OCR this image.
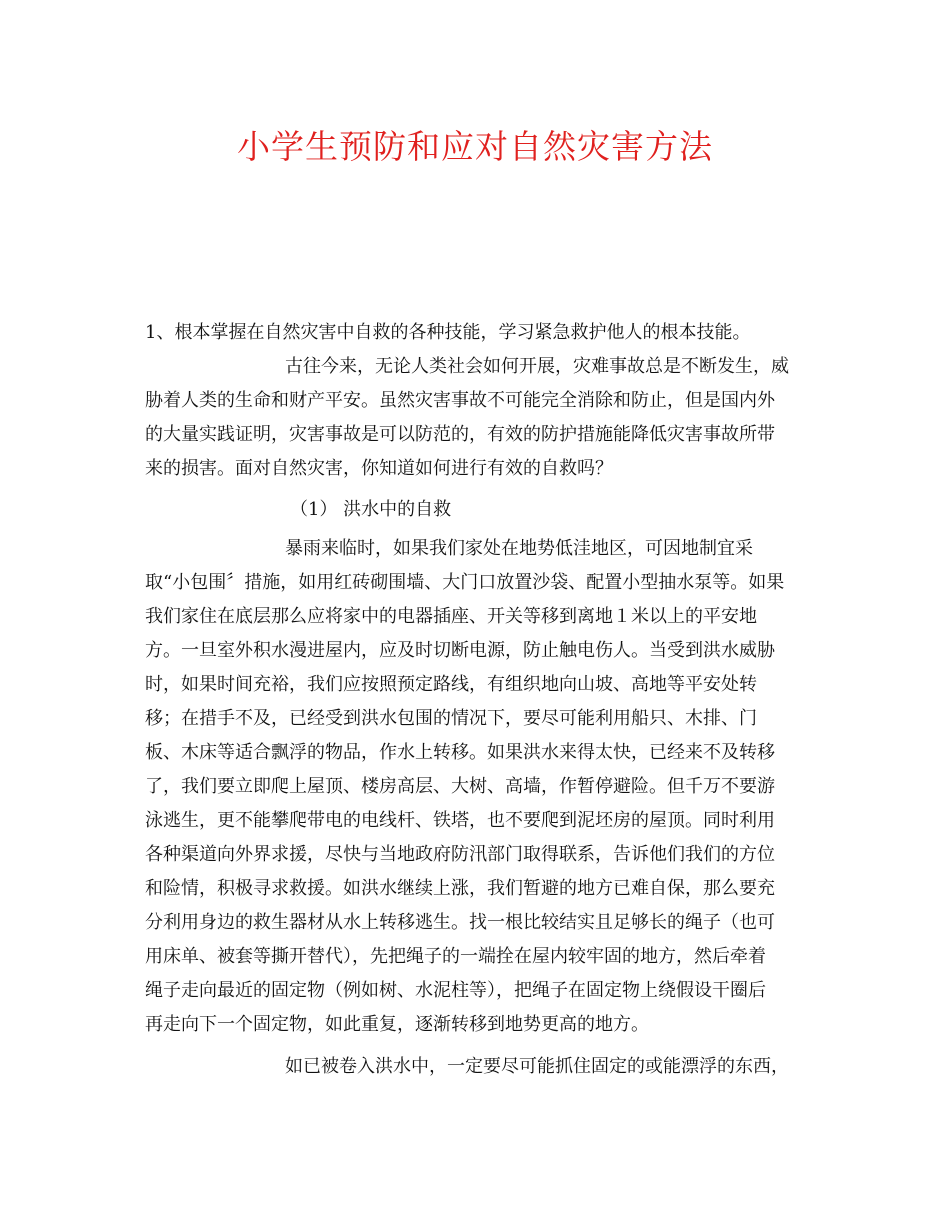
小学生预防和应对自然灾害方法

1、根本掌握在自然灾害中自救的各种技能，学习紧急救护他人的根本技能。

古往今来，无论人类社会如何开展，灾难事故总是不断发生，威

胁着人类的生命和财产平安。虽然灾害事故不可能完全消除和防止，但是国内外

的大量实践证明，灾害事故是可以防范的，有效的防护措施能降低灾害事故所带

来的损害。面对自然灾害，你知道如何进行有效的自救吗？

（1） 洪水中的自救

暴雨来临时，如果我们家处在地势低洼地区，可因地制宜采

取“小包围〞措施，如用红砖砌围墙、大门口放置沙袋、配置小型抽水泵等。如果

我们家住在底层那么应将家中的电器插座、开关等移到离地１米以上的平安地

方。一旦室外积水漫进屋内，应及时切断电源，防止触电伤人。当受到洪水威胁

时，如果时间充裕，我们应按照预定路线，有组织地向山坡、高地等平安处转

移；在措手不及，已经受到洪水包围的情况下，要尽可能利用船只、木排、门

板、木床等适合飘浮的物品，作水上转移。如果洪水来得太快，已经来不及转移

了，我们要立即爬上屋顶、楼房高层、大树、高墙，作暂停避险。但千万不要游

泳逃生，更不能攀爬带电的电线杆、铁塔，也不要爬到泥坯房的屋顶。同时利用

各种渠道向外界求援，尽快与当地政府防汛部门取得联系，告诉他们我们的方位

和险情，积极寻求救援。如洪水继续上涨，我们暂避的地方已难自保，那么要充

分利用身边的救生器材从水上转移逃生。找一根比较结实且足够长的绳子（也可

用床单、被套等撕开替代），先把绳子的一端拴在屋内较牢固的地方，然后牵着

绳子走向最近的固定物（例如树、水泥柱等），把绳子在固定物上绕假设干圈后

再走向下一个固定物，如此重复，逐渐转移到地势更高的地方。

如已被卷入洪水中，一定要尽可能抓住固定的或能漂浮的东西，
